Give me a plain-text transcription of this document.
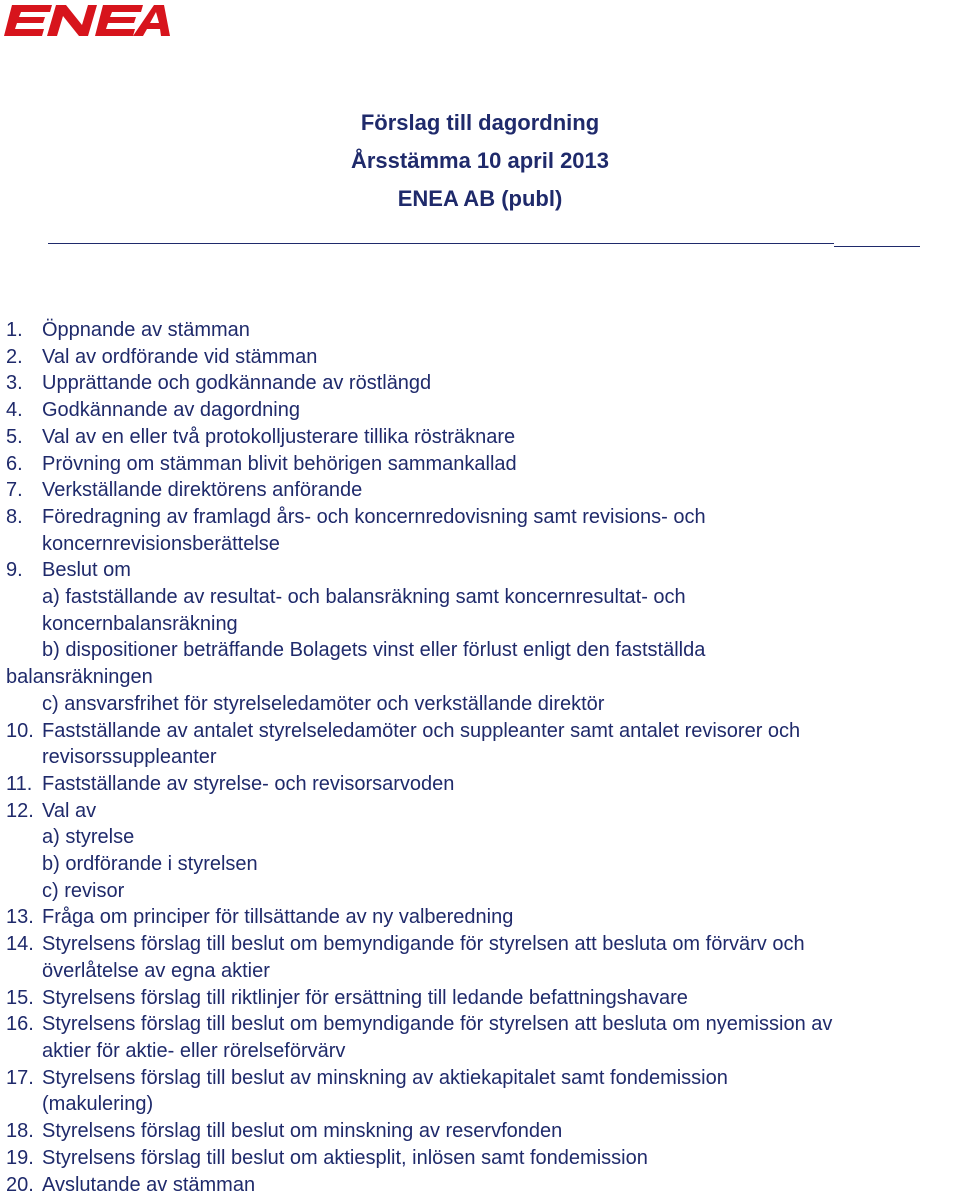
Förslag till dagordning
Årsstämma 10 april 2013
ENEA AB (publ)
1. Öppnande av stämman
2. Val av ordförande vid stämman
3. Upprättande och godkännande av röstlängd
4. Godkännande av dagordning
5. Val av en eller två protokolljusterare tillika rösträknare
6. Prövning om stämman blivit behörigen sammankallad
7. Verkställande direktörens anförande
8. Föredragning av framlagd års- och koncernredovisning samt revisions- och
koncernrevisionsberättelse
9. Beslut om
a) fastställande av resultat- och balansräkning samt koncernresultat- och
koncernbalansräkning
b) dispositioner beträffande Bolagets vinst eller förlust enligt den fastställda
balansräkningen
c) ansvarsfrihet för styrelseledamöter och verkställande direktör
10. Fastställande av antalet styrelseledamöter och suppleanter samt antalet revisorer och
revisorssuppleanter
11. Fastställande av styrelse- och revisorsarvoden
12. Val av
a) styrelse
b) ordförande i styrelsen
c) revisor
13. Fråga om principer för tillsättande av ny valberedning
14. Styrelsens förslag till beslut om bemyndigande för styrelsen att besluta om förvärv och
överlåtelse av egna aktier
15. Styrelsens förslag till riktlinjer för ersättning till ledande befattningshavare
16. Styrelsens förslag till beslut om bemyndigande för styrelsen att besluta om nyemission av
aktier för aktie- eller rörelseförvärv
17. Styrelsens förslag till beslut av minskning av aktiekapitalet samt fondemission
(makulering)
18. Styrelsens förslag till beslut om minskning av reservfonden
19. Styrelsens förslag till beslut om aktiesplit, inlösen samt fondemission
20. Avslutande av stämman
